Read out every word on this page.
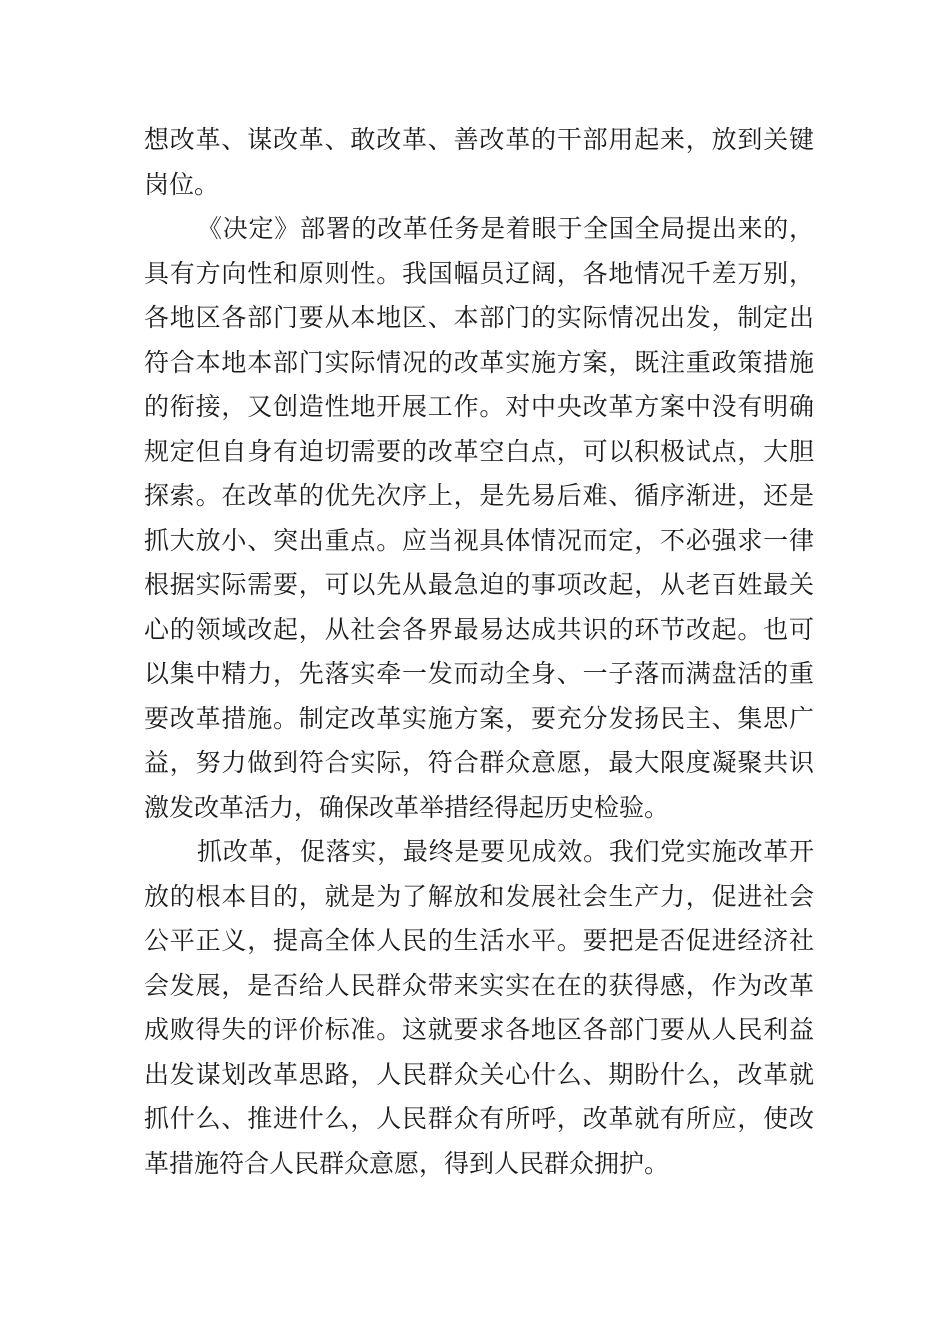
想改革、谋改革、敢改革、善改革的干部用起来，放到关键
岗位。
《决定》部署的改革任务是着眼于全国全局提出来的，
具有方向性和原则性。我国幅员辽阔，各地情况千差万别，
各地区各部门要从本地区、本部门的实际情况出发，制定出
符合本地本部门实际情况的改革实施方案，既注重政策措施
的衔接，又创造性地开展工作。对中央改革方案中没有明确
规定但自身有迫切需要的改革空白点，可以积极试点，大胆
探索。在改革的优先次序上，是先易后难、循序渐进，还是
抓大放小、突出重点。应当视具体情况而定，不必强求一律
根据实际需要，可以先从最急迫的事项改起，从老百姓最关
心的领域改起，从社会各界最易达成共识的环节改起。也可
以集中精力，先落实牵一发而动全身、一子落而满盘活的重
要改革措施。制定改革实施方案，要充分发扬民主、集思广
益，努力做到符合实际，符合群众意愿，最大限度凝聚共识
激发改革活力，确保改革举措经得起历史检验。
抓改革，促落实，最终是要见成效。我们党实施改革开
放的根本目的，就是为了解放和发展社会生产力，促进社会
公平正义，提高全体人民的生活水平。要把是否促进经济社
会发展，是否给人民群众带来实实在在的获得感，作为改革
成败得失的评价标准。这就要求各地区各部门要从人民利益
出发谋划改革思路，人民群众关心什么、期盼什么，改革就
抓什么、推进什么，人民群众有所呼，改革就有所应，使改
革措施符合人民群众意愿，得到人民群众拥护。
